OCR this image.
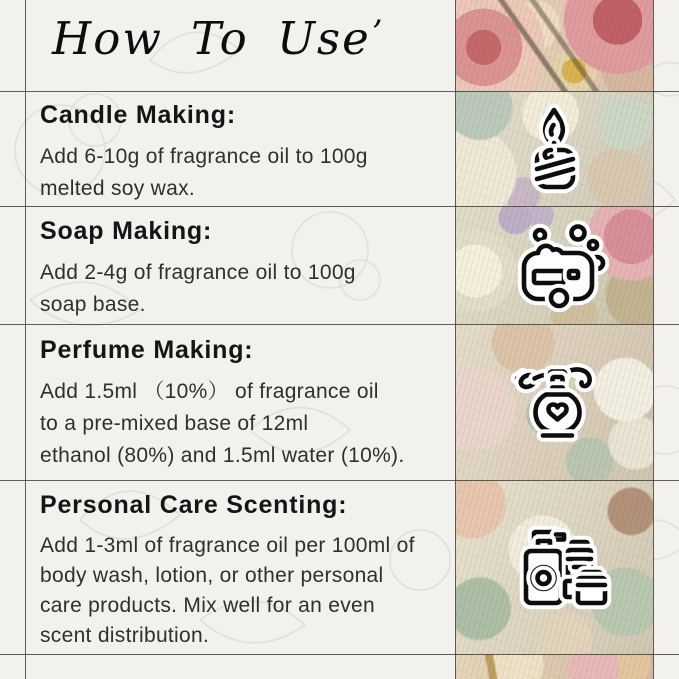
How To Use’
Candle Making:
Add 6-10g of fragrance oil to 100g
melted soy wax.
Soap Making:
Add 2-4g of fragrance oil to 100g
soap base.
Perfume Making:
Add 1.5ml （10%） of fragrance oil
to a pre-mixed base of 12ml
ethanol (80%) and 1.5ml water (10%).
Personal Care Scenting:
Add 1-3ml of fragrance oil per 100ml of
body wash, lotion, or other personal
care products. Mix well for an even
scent distribution.
